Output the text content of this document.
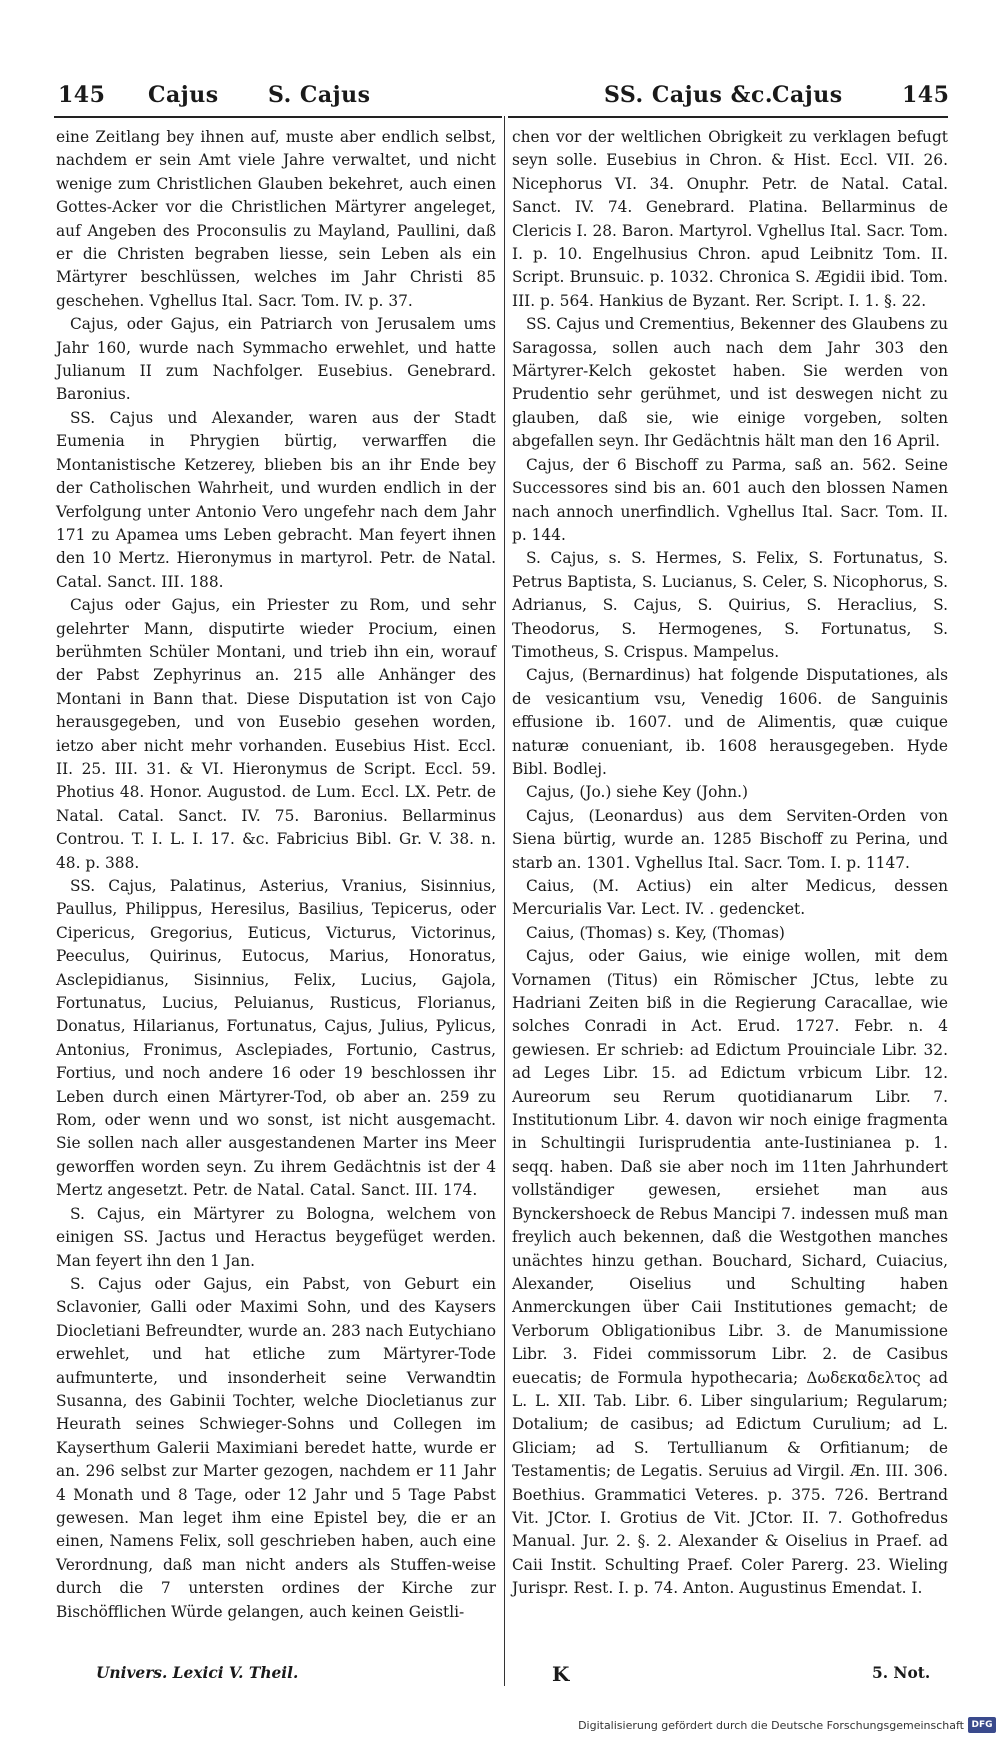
145 Cajus S. Cajus	SS. Cajus &c.
Cajus	145

eine Zeitlang bey ihnen auf, muste aber endlich selbst, nachdem er sein Amt viele Jahre verwaltet, und nicht wenige zum Christlichen Glauben bekehret, auch einen Gottes-Acker vor die Christlichen Märtyrer angeleget, auf Angeben des Proconsulis zu Mayland, Paullini, daß er die Christen begraben liesse, sein Leben als ein Märtyrer beschlüssen, welches im Jahr Christi 85 geschehen. Vghellus Ital. Sacr. Tom. IV. p. 37.

Cajus, oder Gajus, ein Patriarch von Jerusalem ums Jahr 160, wurde nach Symmacho erwehlet, und hatte Julianum II zum Nachfolger. Eusebius. Genebrard. Baronius.

SS. Cajus und Alexander, waren aus der Stadt Eumenia in Phrygien bürtig, verwarffen die Montanistische Ketzerey, blieben bis an ihr Ende bey der Catholischen Wahrheit, und wurden endlich in der Verfolgung unter Antonio Vero ungefehr nach dem Jahr 171 zu Apamea ums Leben gebracht. Man feyert ihnen den 10 Mertz. Hieronymus in martyrol. Petr. de Natal. Catal. Sanct. III. 188.

Cajus oder Gajus, ein Priester zu Rom, und sehr gelehrter Mann, disputirte wieder Procium, einen berühmten Schüler Montani, und trieb ihn ein, worauf der Pabst Zephyrinus an. 215 alle Anhänger des Montani in Bann that. Diese Disputation ist von Cajo herausgegeben, und von Eusebio gesehen worden, ietzo aber nicht mehr vorhanden. Eusebius Hist. Eccl. II. 25. III. 31. & VI. Hieronymus de Script. Eccl. 59. Photius 48. Honor. Augustod. de Lum. Eccl. LX. Petr. de Natal. Catal. Sanct. IV. 75. Baronius. Bellarminus Controu. T. I. L. I. 17. &c. Fabricius Bibl. Gr. V. 38. n. 48. p. 388.

SS. Cajus, Palatinus, Asterius, Vranius, Sisinnius, Paullus, Philippus, Heresilus, Basilius, Tepicerus, oder Cipericus, Gregorius, Euticus, Victurus, Victorinus, Peeculus, Quirinus, Eutocus, Marius, Honoratus, Asclepidianus, Sisinnius, Felix, Lucius, Gajola, Fortunatus, Lucius, Peluianus, Rusticus, Florianus, Donatus, Hilarianus, Fortunatus, Cajus, Julius, Pylicus, Antonius, Fronimus, Asclepiades, Fortunio, Castrus, Fortius, und noch andere 16 oder 19 beschlossen ihr Leben durch einen Märtyrer-Tod, ob aber an. 259 zu Rom, oder wenn und wo sonst, ist nicht ausgemacht. Sie sollen nach aller ausgestandenen Marter ins Meer geworffen worden seyn. Zu ihrem Gedächtnis ist der 4 Mertz angesetzt. Petr. de Natal. Catal. Sanct. III. 174.

S. Cajus, ein Märtyrer zu Bologna, welchem von einigen SS. Jactus und Heractus beygefüget werden. Man feyert ihn den 1 Jan.

S. Cajus oder Gajus, ein Pabst, von Geburt ein Sclavonier, Galli oder Maximi Sohn, und des Kaysers Diocletiani Befreundter, wurde an. 283 nach Eutychiano erwehlet, und hat etliche zum Märtyrer-Tode aufmunterte, und insonderheit seine Verwandtin Susanna, des Gabinii Tochter, welche Diocletianus zur Heurath seines Schwieger-Sohns und Collegen im Kayserthum Galerii Maximiani beredet hatte, wurde er an. 296 selbst zur Marter gezogen, nachdem er 11 Jahr 4 Monath und 8 Tage, oder 12 Jahr und 5 Tage Pabst gewesen. Man leget ihm eine Epistel bey, die er an einen, Namens Felix, soll geschrieben haben, auch eine Verordnung, daß man nicht anders als Stuffen-weise durch die 7 untersten ordines der Kirche zur Bischöfflichen Würde gelangen, auch keinen Geistli-

chen vor der weltlichen Obrigkeit zu verklagen befugt seyn solle. Eusebius in Chron. & Hist. Eccl. VII. 26. Nicephorus VI. 34. Onuphr. Petr. de Natal. Catal. Sanct. IV. 74. Genebrard. Platina. Bellarminus de Clericis I. 28. Baron. Martyrol. Vghellus Ital. Sacr. Tom. I. p. 10. Engelhusius Chron. apud Leibnitz Tom. II. Script. Brunsuic. p. 1032. Chronica S. Ægidii ibid. Tom. III. p. 564. Hankius de Byzant. Rer. Script. I. 1. §. 22.

SS. Cajus und Crementius, Bekenner des Glaubens zu Saragossa, sollen auch nach dem Jahr 303 den Märtyrer-Kelch gekostet haben. Sie werden von Prudentio sehr gerühmet, und ist deswegen nicht zu glauben, daß sie, wie einige vorgeben, solten abgefallen seyn. Ihr Gedächtnis hält man den 16 April.

Cajus, der 6 Bischoff zu Parma, saß an. 562. Seine Successores sind bis an. 601 auch den blossen Namen nach annoch unerfindlich. Vghellus Ital. Sacr. Tom. II. p. 144.

S. Cajus, s. S. Hermes, S. Felix, S. Fortunatus, S. Petrus Baptista, S. Lucianus, S. Celer, S. Nicophorus, S. Adrianus, S. Cajus, S. Quirius, S. Heraclius, S. Theodorus, S. Hermogenes, S. Fortunatus, S. Timotheus, S. Crispus. Mampelus.

Cajus, (Bernardinus) hat folgende Disputationes, als de vesicantium vsu, Venedig 1606. de Sanguinis effusione ib. 1607. und de Alimentis, quæ cuique naturæ conueniant, ib. 1608 herausgegeben. Hyde Bibl. Bodlej.

Cajus, (Jo.) siehe Key (John.)

Cajus, (Leonardus) aus dem Serviten-Orden von Siena bürtig, wurde an. 1285 Bischoff zu Perina, und starb an. 1301. Vghellus Ital. Sacr. Tom. I. p. 1147.

Caius, (M. Actius) ein alter Medicus, dessen Mercurialis Var. Lect. IV. . gedencket.

Caius, (Thomas) s. Key, (Thomas)

Cajus, oder Gaius, wie einige wollen, mit dem Vornamen (Titus) ein Römischer JCtus, lebte zu Hadriani Zeiten biß in die Regierung Caracallae, wie solches Conradi in Act. Erud. 1727. Febr. n. 4 gewiesen. Er schrieb: ad Edictum Prouinciale Libr. 32. ad Leges Libr. 15. ad Edictum vrbicum Libr. 12. Aureorum seu Rerum quotidianarum Libr. 7. Institutionum Libr. 4. davon wir noch einige fragmenta in Schultingii Iurisprudentia ante-Iustinianea p. 1. seqq. haben. Daß sie aber noch im 11ten Jahrhundert vollständiger gewesen, ersiehet man aus Bynckershoeck de Rebus Mancipi 7. indessen muß man freylich auch bekennen, daß die Westgothen manches unächtes hinzu gethan. Bouchard, Sichard, Cuiacius, Alexander, Oiselius und Schulting haben Anmerckungen über Caii Institutiones gemacht; de Verborum Obligationibus Libr. 3. de Manumissione Libr. 3. Fidei commissorum Libr. 2. de Casibus euecatis; de Formula hypothecaria; Δωδεκαδελτος ad L. L. XII. Tab. Libr. 6. Liber singularium; Regularum; Dotalium; de casibus; ad Edictum Curulium; ad L. Gliciam; ad S. Tertullianum & Orfitianum; de Testamentis; de Legatis. Seruius ad Virgil. Æn. III. 306. Boethius. Grammatici Veteres. p. 375. 726. Bertrand Vit. JCtor. I. Grotius de Vit. JCtor. II. 7. Gothofredus Manual. Jur. 2. §. 2. Alexander & Oiselius in Praef. ad Caii Instit. Schulting Praef. Coler Parerg. 23. Wieling Jurispr. Rest. I. p. 74. Anton. Augustinus Emendat. I.

Univers. Lexici V. Theil.	K	5. Not.
Digitalisierung gefördert durch die Deutsche Forschungsgemeinschaft DFG
